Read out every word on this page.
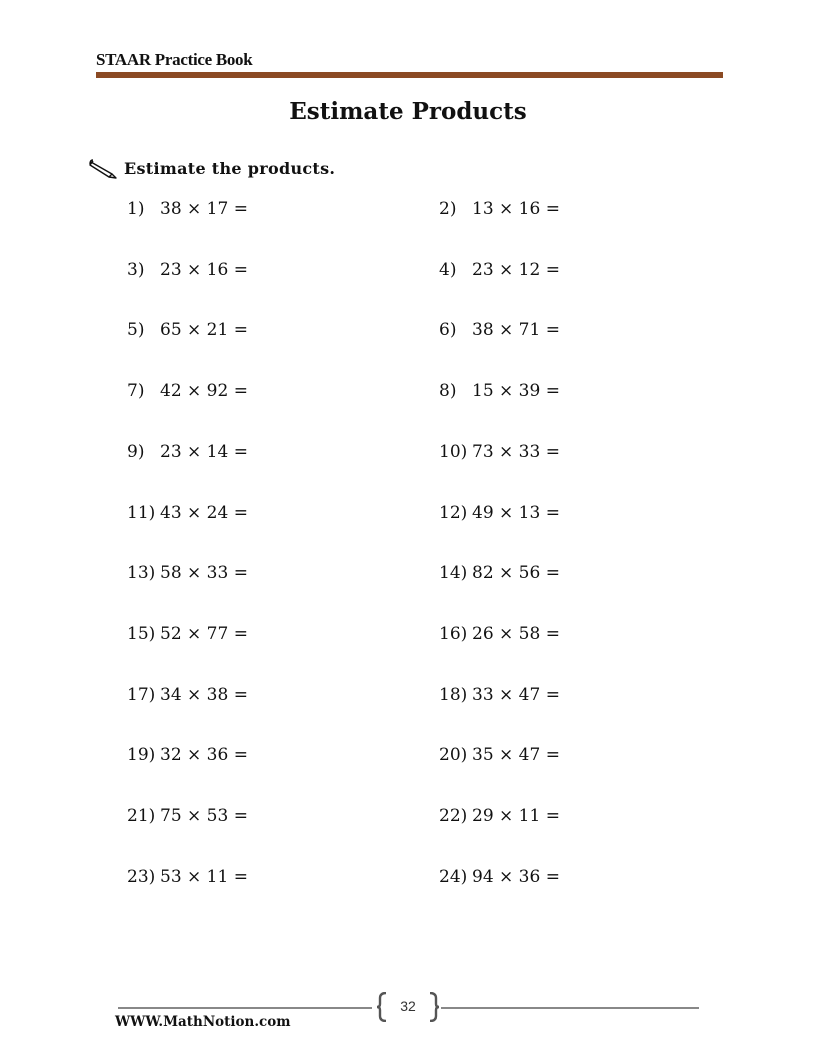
STAAR Practice Book
Estimate Products
Estimate the products.
1) 38 × 17 =	2) 13 × 16 =
3) 23 × 16 =	4) 23 × 12 =
5) 65 × 21 =	6) 38 × 71 =
7) 42 × 92 =	8) 15 × 39 =
9) 23 × 14 =	10) 73 × 33 =
11) 43 × 24 =	12) 49 × 13 =
13) 58 × 33 =	14) 82 × 56 =
15) 52 × 77 =	16) 26 × 58 =
17) 34 × 38 =	18) 33 × 47 =
19) 32 × 36 =	20) 35 × 47 =
21) 75 × 53 =	22) 29 × 11 =
23) 53 × 11 =	24) 94 × 36 =
32
WWW.MathNotion.com
